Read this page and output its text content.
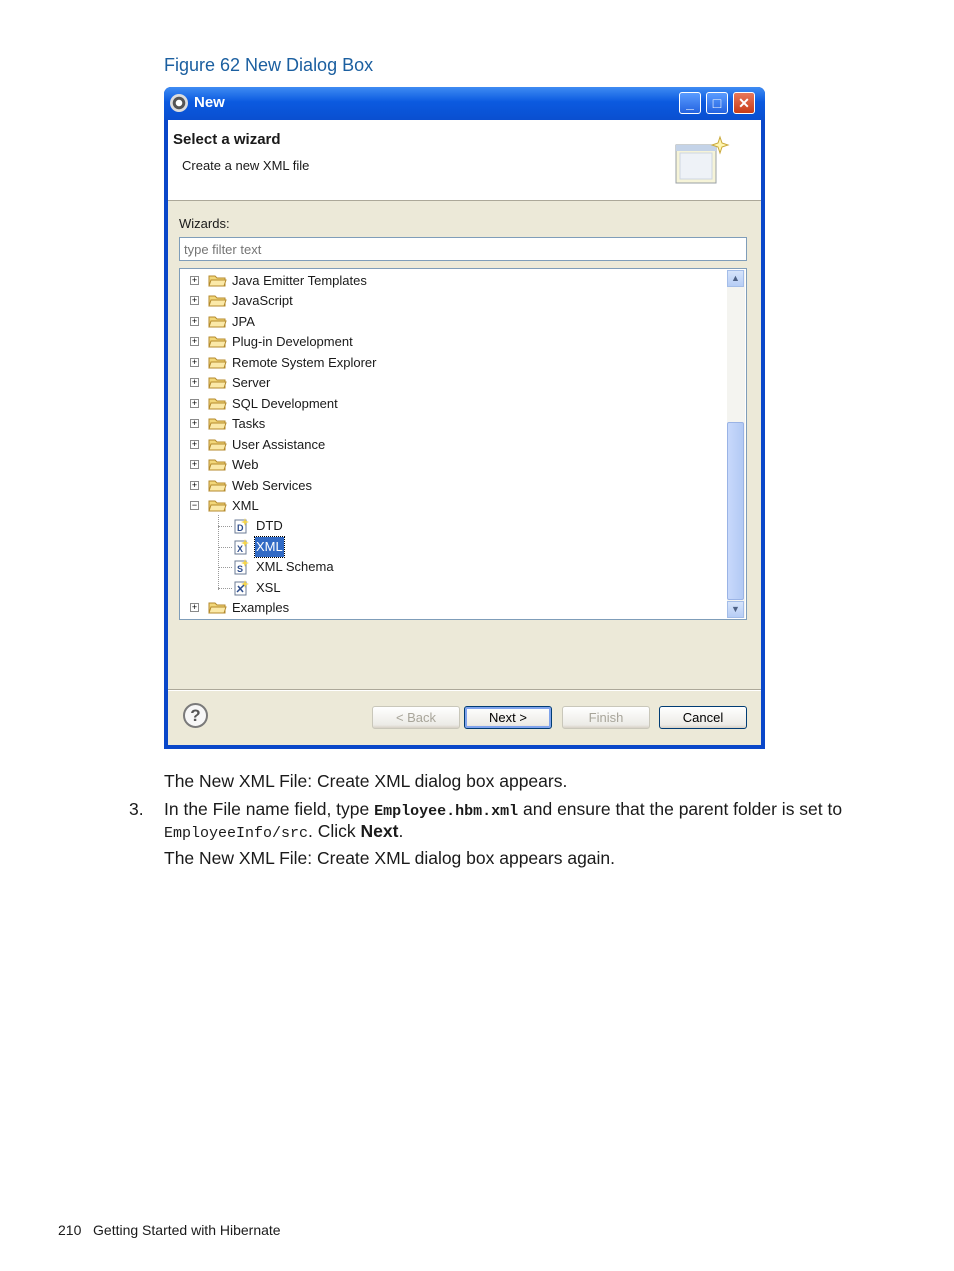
Figure 62 New Dialog Box
New	_	□	✕
Select a wizard
Create a new XML file
Wizards:
type filter text
+	Java Emitter Templates
+	JavaScript
+	JPA
+	Plug-in Development
+	Remote System Explorer
+	Server
+	SQL Development
+	Tasks
+	User Assistance
+	Web
+	Web Services
−	XML
D DTD
X XML
S XML Schema
XSL
+	Examples
▲
▼
?	< Back	Next >	Finish	Cancel
The New XML File: Create XML dialog box appears.
3. In the File name field, type Employee.hbm.xml and ensure that the parent folder is set to
EmployeeInfo/src. Click Next.
The New XML File: Create XML dialog box appears again.
210 Getting Started with Hibernate
